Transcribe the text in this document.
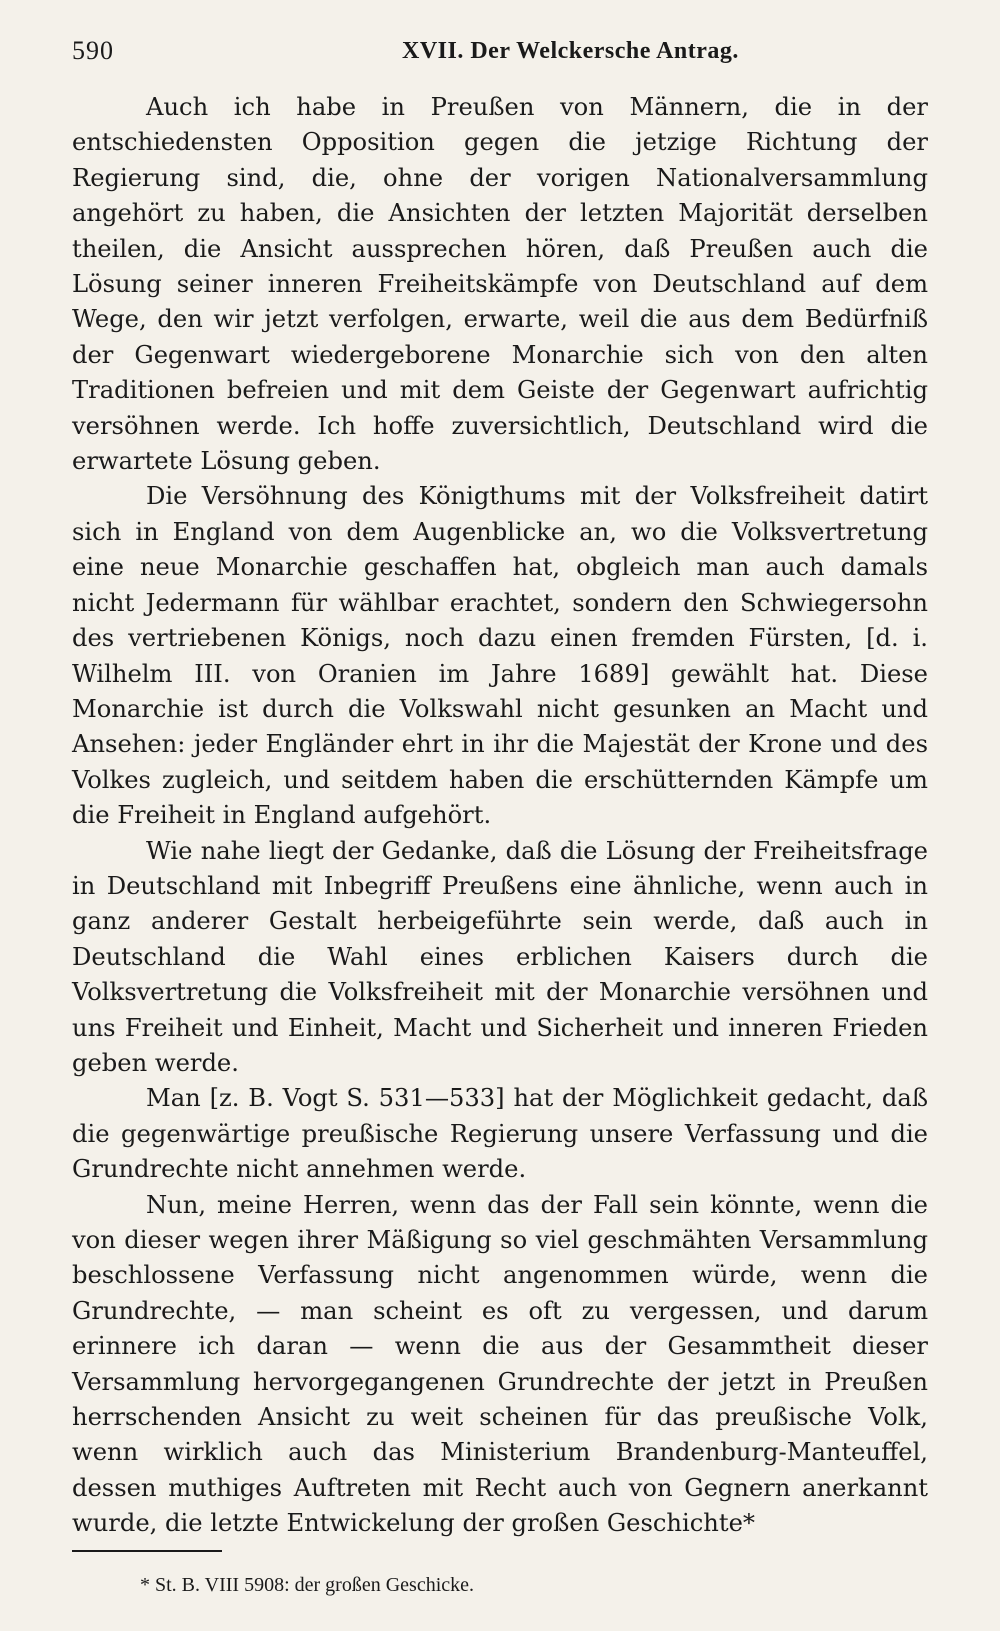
590	XVII. Der Welckersche Antrag.

Auch ich habe in Preußen von Männern, die in der entschiedensten Opposition gegen die jetzige Richtung der Regierung sind, die, ohne der vorigen Nationalversammlung angehört zu haben, die Ansichten der letzten Majorität derselben theilen, die Ansicht aussprechen hören, daß Preußen auch die Lösung seiner inneren Freiheitskämpfe von Deutschland auf dem Wege, den wir jetzt verfolgen, erwarte, weil die aus dem Bedürfniß der Gegenwart wiedergeborene Monarchie sich von den alten Traditionen befreien und mit dem Geiste der Gegenwart aufrichtig versöhnen werde. Ich hoffe zuversichtlich, Deutschland wird die erwartete Lösung geben.

Die Versöhnung des Königthums mit der Volksfreiheit datirt sich in England von dem Augenblicke an, wo die Volksvertretung eine neue Monarchie geschaffen hat, obgleich man auch damals nicht Jedermann für wählbar erachtet, sondern den Schwiegersohn des vertriebenen Königs, noch dazu einen fremden Fürsten, [d. i. Wilhelm III. von Oranien im Jahre 1689] gewählt hat. Diese Monarchie ist durch die Volkswahl nicht gesunken an Macht und Ansehen: jeder Engländer ehrt in ihr die Majestät der Krone und des Volkes zugleich, und seitdem haben die erschütternden Kämpfe um die Freiheit in England aufgehört.

Wie nahe liegt der Gedanke, daß die Lösung der Freiheitsfrage in Deutschland mit Inbegriff Preußens eine ähnliche, wenn auch in ganz anderer Gestalt herbeigeführte sein werde, daß auch in Deutschland die Wahl eines erblichen Kaisers durch die Volksvertretung die Volksfreiheit mit der Monarchie versöhnen und uns Freiheit und Einheit, Macht und Sicherheit und inneren Frieden geben werde.

Man [z. B. Vogt S. 531—533] hat der Möglichkeit gedacht, daß die gegenwärtige preußische Regierung unsere Verfassung und die Grundrechte nicht annehmen werde.

Nun, meine Herren, wenn das der Fall sein könnte, wenn die von dieser wegen ihrer Mäßigung so viel geschmähten Versammlung beschlossene Verfassung nicht angenommen würde, wenn die Grundrechte, — man scheint es oft zu vergessen, und darum erinnere ich daran — wenn die aus der Gesammtheit dieser Versammlung hervorgegangenen Grundrechte der jetzt in Preußen herrschenden Ansicht zu weit scheinen für das preußische Volk, wenn wirklich auch das Ministerium Brandenburg-Manteuffel, dessen muthiges Auftreten mit Recht auch von Gegnern anerkannt wurde, die letzte Entwickelung der großen Geschichte*

* St. B. VIII 5908: der großen Geschicke.
